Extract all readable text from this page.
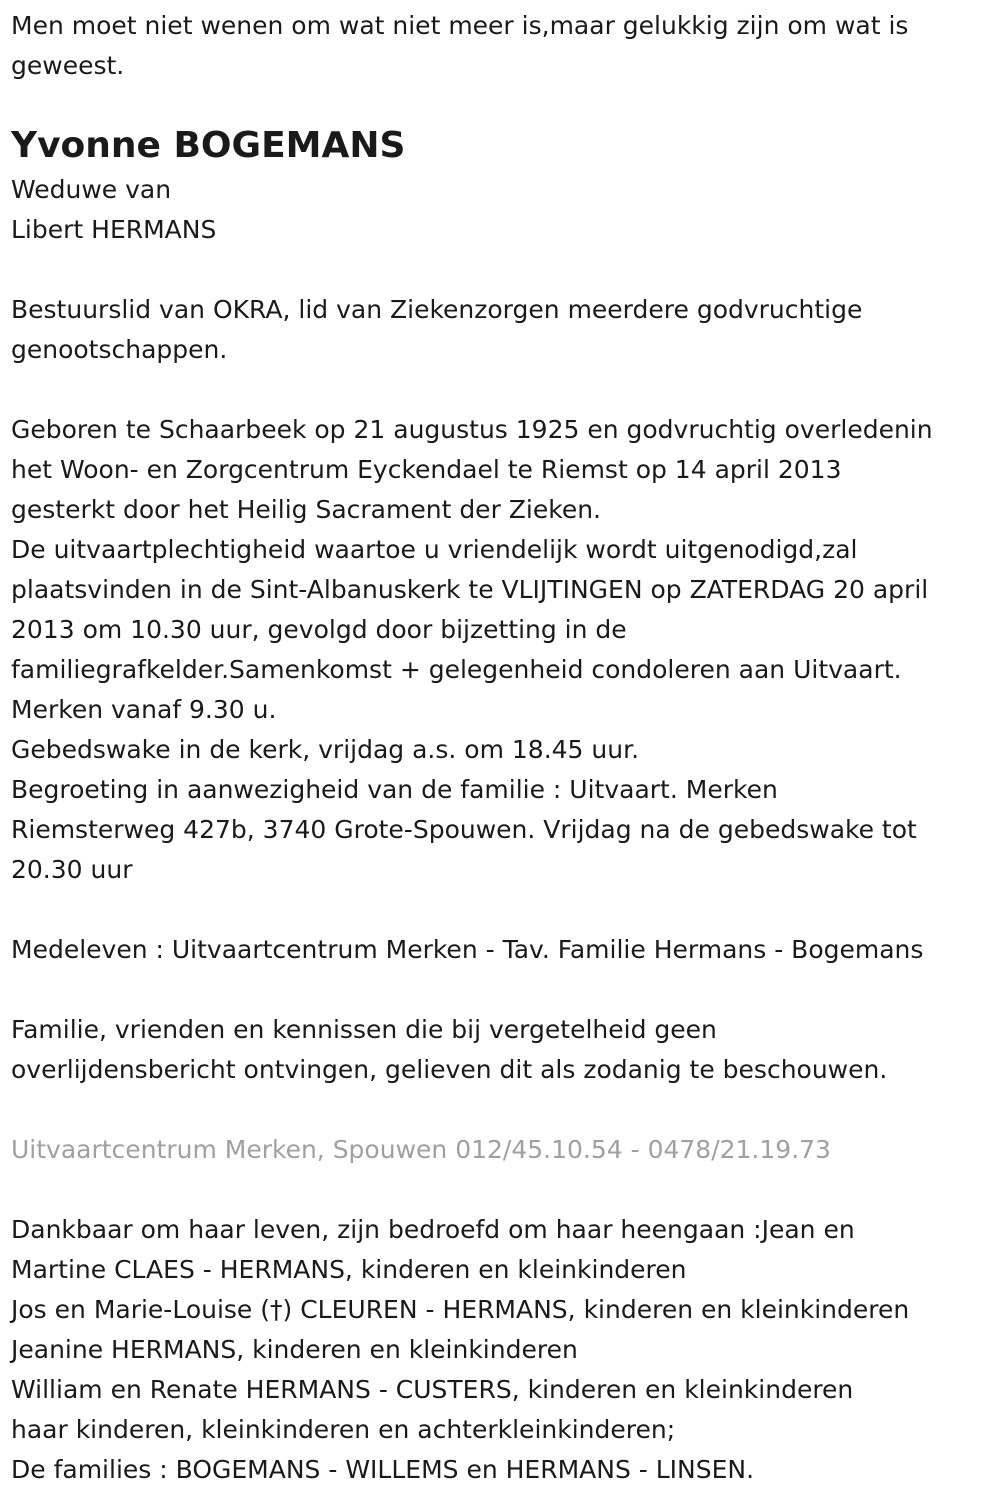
Men moet niet wenen om wat niet meer is,maar gelukkig zijn om wat is
geweest.

Yvonne BOGEMANS

Weduwe van
Libert HERMANS

Bestuurslid van OKRA, lid van Ziekenzorgen meerdere godvruchtige
genootschappen.

Geboren te Schaarbeek op 21 augustus 1925 en godvruchtig overledenin
het Woon- en Zorgcentrum Eyckendael te Riemst op 14 april 2013
gesterkt door het Heilig Sacrament der Zieken.
De uitvaartplechtigheid waartoe u vriendelijk wordt uitgenodigd,zal
plaatsvinden in de Sint-Albanuskerk te VLIJTINGEN op ZATERDAG 20 april
2013 om 10.30 uur, gevolgd door bijzetting in de
familiegrafkelder.Samenkomst + gelegenheid condoleren aan Uitvaart.
Merken vanaf 9.30 u.
Gebedswake in de kerk, vrijdag a.s. om 18.45 uur.
Begroeting in aanwezigheid van de familie : Uitvaart. Merken
Riemsterweg 427b, 3740 Grote-Spouwen. Vrijdag na de gebedswake tot
20.30 uur

Medeleven : Uitvaartcentrum Merken - Tav. Familie Hermans - Bogemans

Familie, vrienden en kennissen die bij vergetelheid geen
overlijdensbericht ontvingen, gelieven dit als zodanig te beschouwen.

Uitvaartcentrum Merken, Spouwen 012/45.10.54 - 0478/21.19.73

Dankbaar om haar leven, zijn bedroefd om haar heengaan :Jean en
Martine CLAES - HERMANS, kinderen en kleinkinderen
Jos en Marie-Louise (†) CLEUREN - HERMANS, kinderen en kleinkinderen
Jeanine HERMANS, kinderen en kleinkinderen
William en Renate HERMANS - CUSTERS, kinderen en kleinkinderen
haar kinderen, kleinkinderen en achterkleinkinderen;
De families : BOGEMANS - WILLEMS en HERMANS - LINSEN.
